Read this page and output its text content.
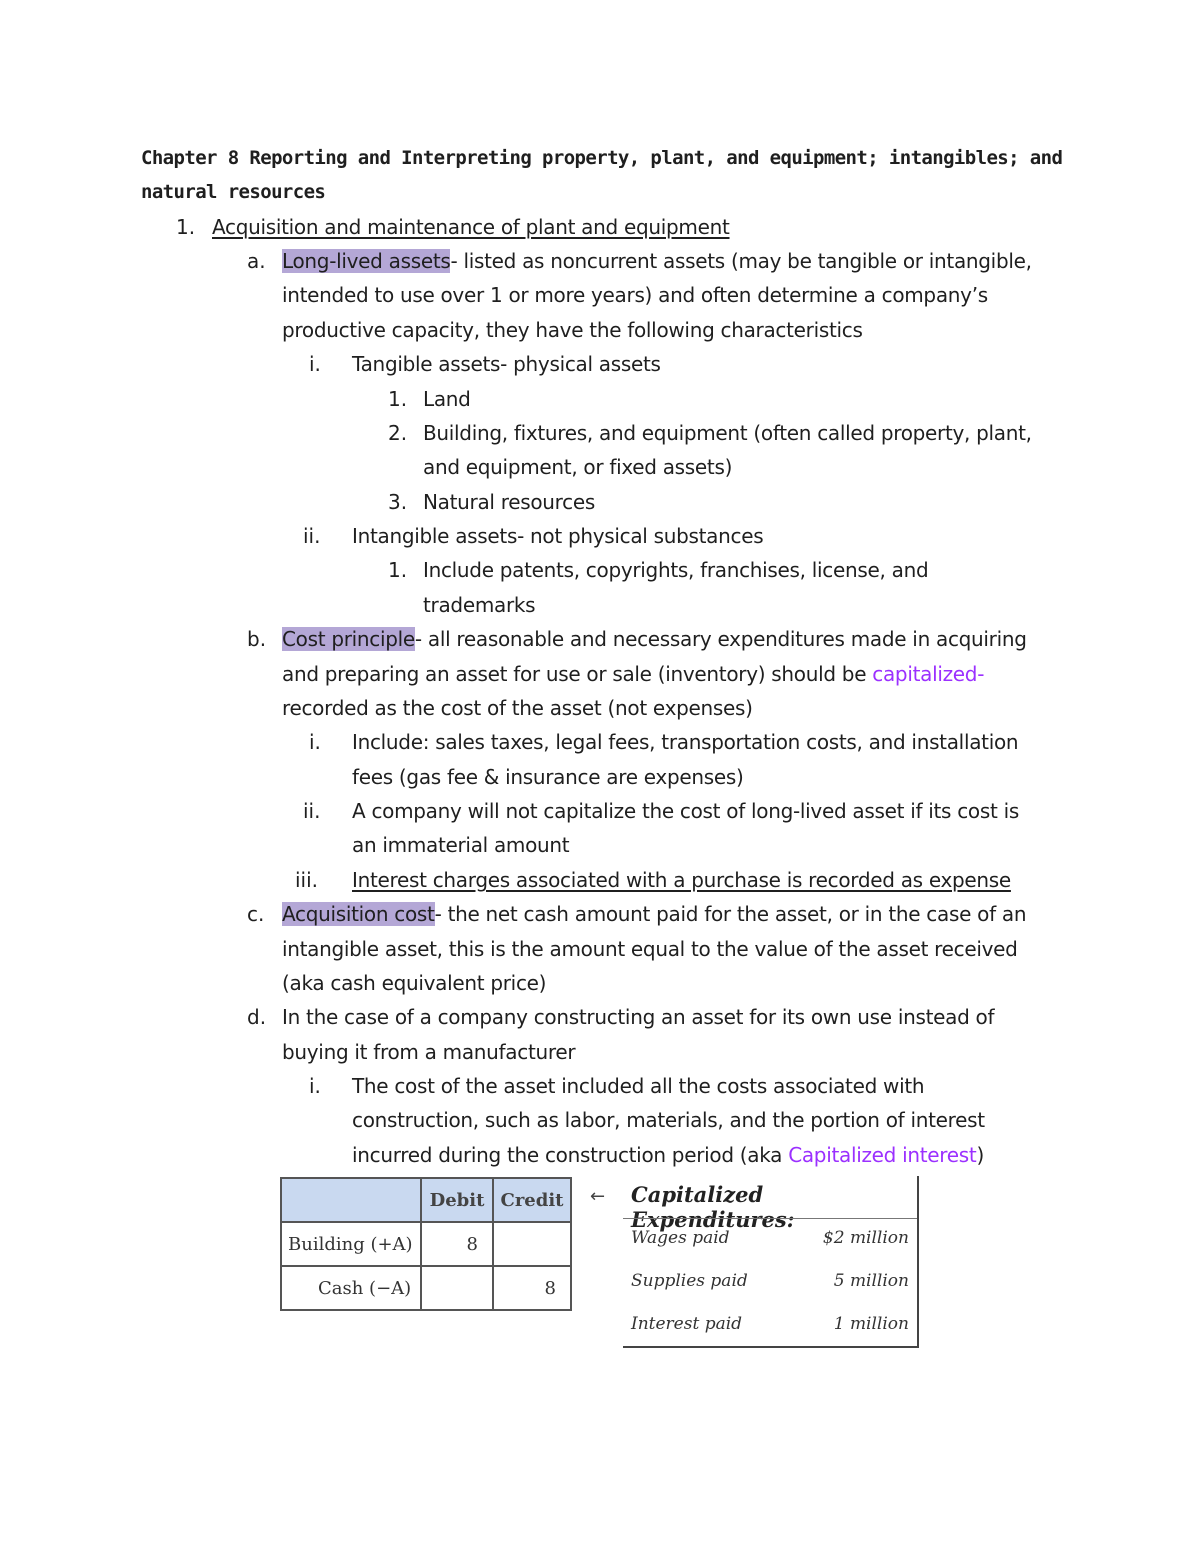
Chapter 8 Reporting and Interpreting property, plant, and equipment; intangibles; and
natural resources
1. Acquisition and maintenance of plant and equipment
a. Long-lived assets- listed as noncurrent assets (may be tangible or intangible,
intended to use over 1 or more years) and often determine a company’s
productive capacity, they have the following characteristics
i. Tangible assets- physical assets
1. Land
2. Building, fixtures, and equipment (often called property, plant,
and equipment, or fixed assets)
3. Natural resources
ii. Intangible assets- not physical substances
1. Include patents, copyrights, franchises, license, and
trademarks
b. Cost principle- all reasonable and necessary expenditures made in acquiring
and preparing an asset for use or sale (inventory) should be capitalized-
recorded as the cost of the asset (not expenses)
i. Include: sales taxes, legal fees, transportation costs, and installation
fees (gas fee & insurance are expenses)
ii. A company will not capitalize the cost of long-lived asset if its cost is
an immaterial amount
iii. Interest charges associated with a purchase is recorded as expense
c. Acquisition cost- the net cash amount paid for the asset, or in the case of an
intangible asset, this is the amount equal to the value of the asset received
(aka cash equivalent price)
d. In the case of a company constructing an asset for its own use instead of
buying it from a manufacturer
i. The cost of the asset included all the costs associated with
construction, such as labor, materials, and the portion of interest
incurred during the construction period (aka Capitalized interest)
	Debit	Credit
Building (+A)	8	
Cash (−A)		8
← Capitalized Expenditures:
Wages paid	$2 million
Supplies paid	5 million
Interest paid	1 million
